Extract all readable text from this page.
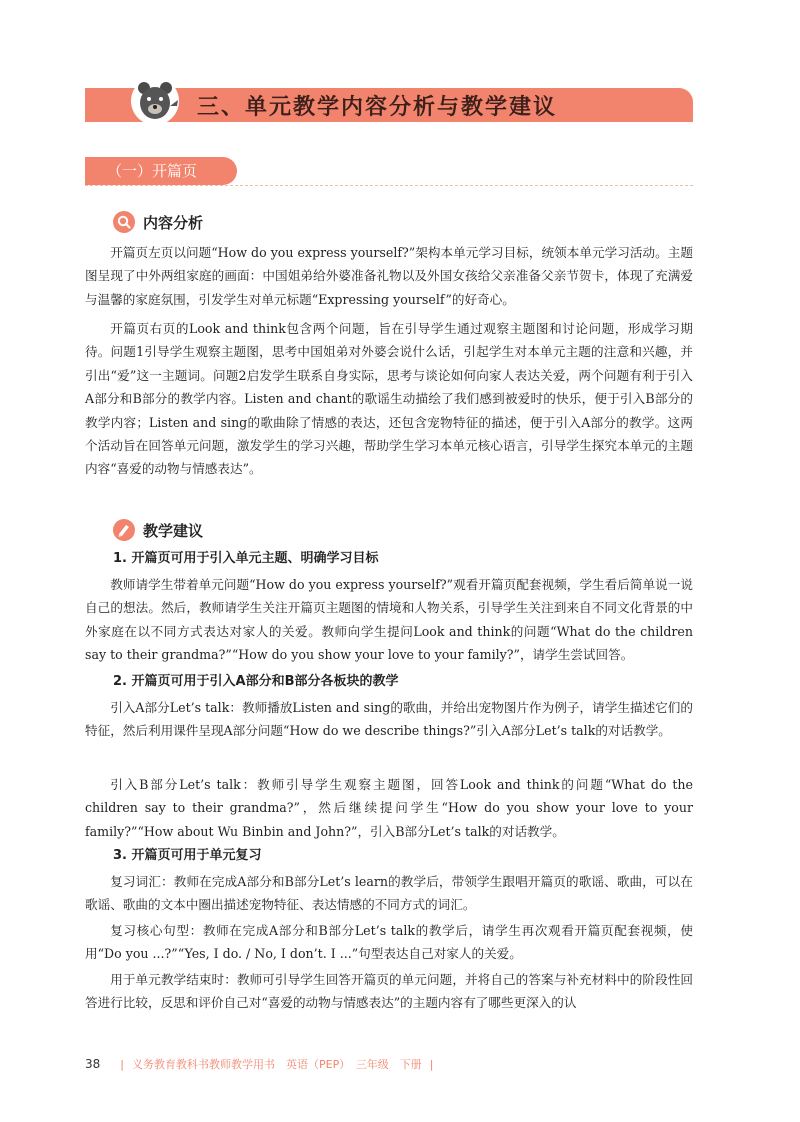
三、单元教学内容分析与教学建议
（一）开篇页
内容分析

开篇页左页以问题“How do you express yourself?”架构本单元学习目标，统领本单元学习活动。主题图呈现了中外两组家庭的画面：中国姐弟给外婆准备礼物以及外国女孩给父亲准备父亲节贺卡，体现了充满爱与温馨的家庭氛围，引发学生对单元标题“Expressing yourself”的好奇心。

开篇页右页的Look and think包含两个问题，旨在引导学生通过观察主题图和讨论问题，形成学习期待。问题1引导学生观察主题图，思考中国姐弟对外婆会说什么话，引起学生对本单元主题的注意和兴趣，并引出“爱”这一主题词。问题2启发学生联系自身实际，思考与谈论如何向家人表达关爱，两个问题有利于引入A部分和B部分的教学内容。Listen and chant的歌谣生动描绘了我们感到被爱时的快乐，便于引入B部分的教学内容；Listen and sing的歌曲除了情感的表达，还包含宠物特征的描述，便于引入A部分的教学。这两个活动旨在回答单元问题，激发学生的学习兴趣，帮助学生学习本单元核心语言，引导学生探究本单元的主题内容“喜爱的动物与情感表达”。

教学建议

1. 开篇页可用于引入单元主题、明确学习目标

教师请学生带着单元问题“How do you express yourself?”观看开篇页配套视频，学生看后简单说一说自己的想法。然后，教师请学生关注开篇页主题图的情境和人物关系，引导学生关注到来自不同文化背景的中外家庭在以不同方式表达对家人的关爱。教师向学生提问Look and think的问题“What do the children say to their grandma?”“How do you show your love to your family?”，请学生尝试回答。

2. 开篇页可用于引入A部分和B部分各板块的教学

引入A部分Let’s talk：教师播放Listen and sing的歌曲，并给出宠物图片作为例子，请学生描述它们的特征，然后利用课件呈现A部分问题“How do we describe things?”引入A部分Let’s talk的对话教学。

引入B部分Let’s talk：教师引导学生观察主题图，回答Look and think的问题“What do the children say to their grandma?”，然后继续提问学生“How do you show your love to your family?”“How about Wu Binbin and John?”，引入B部分Let’s talk的对话教学。

3. 开篇页可用于单元复习

复习词汇：教师在完成A部分和B部分Let’s learn的教学后，带领学生跟唱开篇页的歌谣、歌曲，可以在歌谣、歌曲的文本中圈出描述宠物特征、表达情感的不同方式的词汇。

复习核心句型：教师在完成A部分和B部分Let’s talk的教学后，请学生再次观看开篇页配套视频，使用“Do you ...?”“Yes, I do. / No, I don’t. I ...”句型表达自己对家人的关爱。

用于单元教学结束时：教师可引导学生回答开篇页的单元问题，并将自己的答案与补充材料中的阶段性回答进行比较，反思和评价自己对“喜爱的动物与情感表达”的主题内容有了哪些更深入的认

38 | 义务教育教科书教师教学用书　英语（PEP）　三年级　下册 |
